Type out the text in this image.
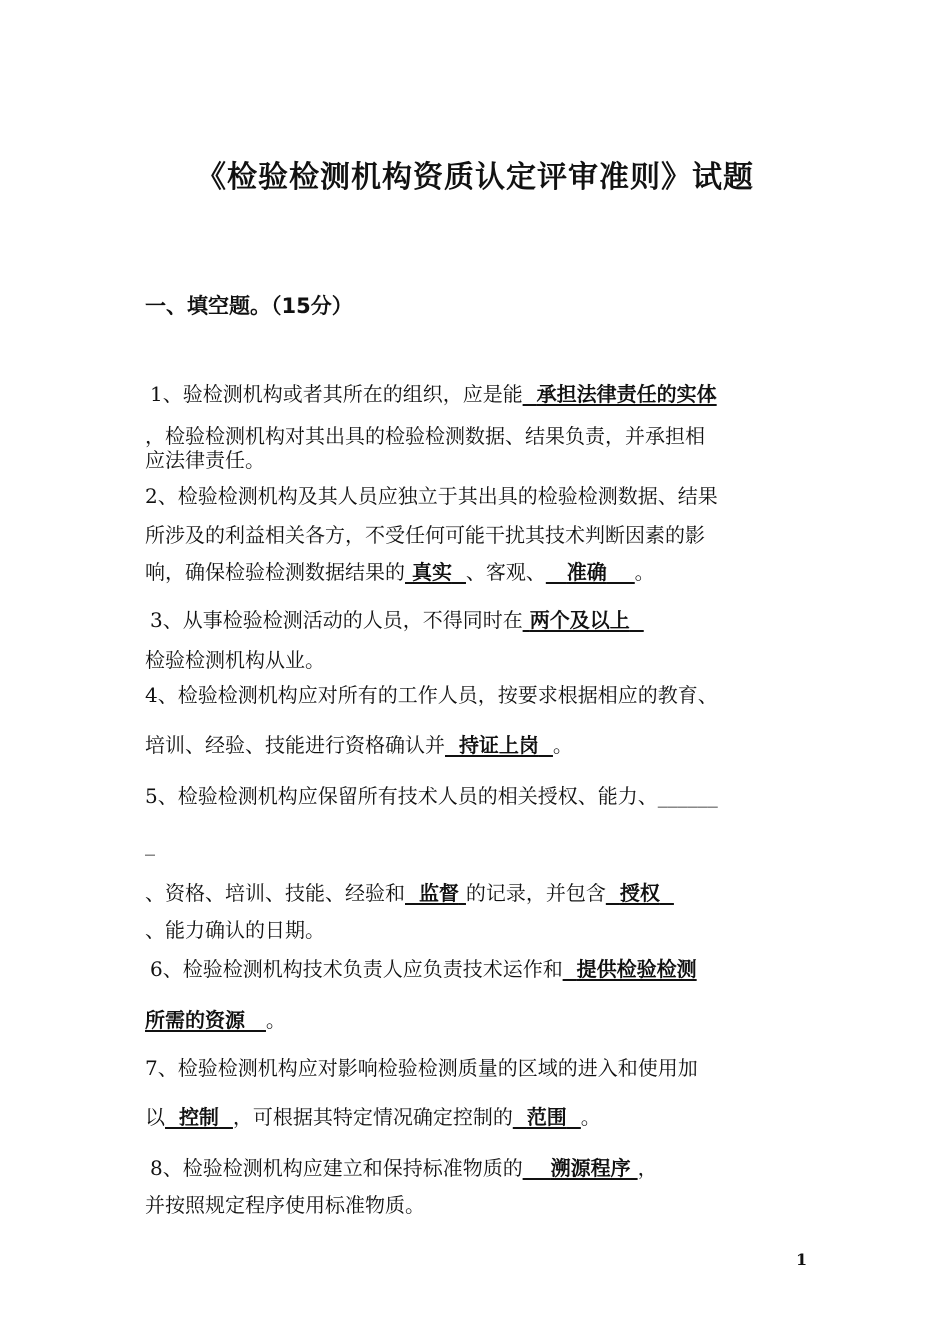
《检验检测机构资质认定评审准则》试题
一、填空题。（15分）
1、验检测机构或者其所在的组织，应是能 承担法律责任的实体
，检验检测机构对其出具的检验检测数据、结果负责，并承担相
应法律责任。
2、检验检测机构及其人员应独立于其出具的检验检测数据、结果
所涉及的利益相关各方，不受任何可能干扰其技术判断因素的影
响，确保检验检测数据结果的 真实 、客观、 准确 。
3、从事检验检测活动的人员，不得同时在 两个及以上
检验检测机构从业。
4、检验检测机构应对所有的工作人员，按要求根据相应的教育、
培训、经验、技能进行资格确认并 持证上岗 。
5、检验检测机构应保留所有技术人员的相关授权、能力、______
_
、资格、培训、技能、经验和 监督 的记录，并包含 授权
、能力确认的日期。
6、检验检测机构技术负责人应负责技术运作和 提供检验检测
所需的资源 。
7、检验检测机构应对影响检验检测质量的区域的进入和使用加
以 控制 ，可根据其特定情况确定控制的 范围 。
8、检验检测机构应建立和保持标准物质的 溯源程序 ，
并按照规定程序使用标准物质。
1
